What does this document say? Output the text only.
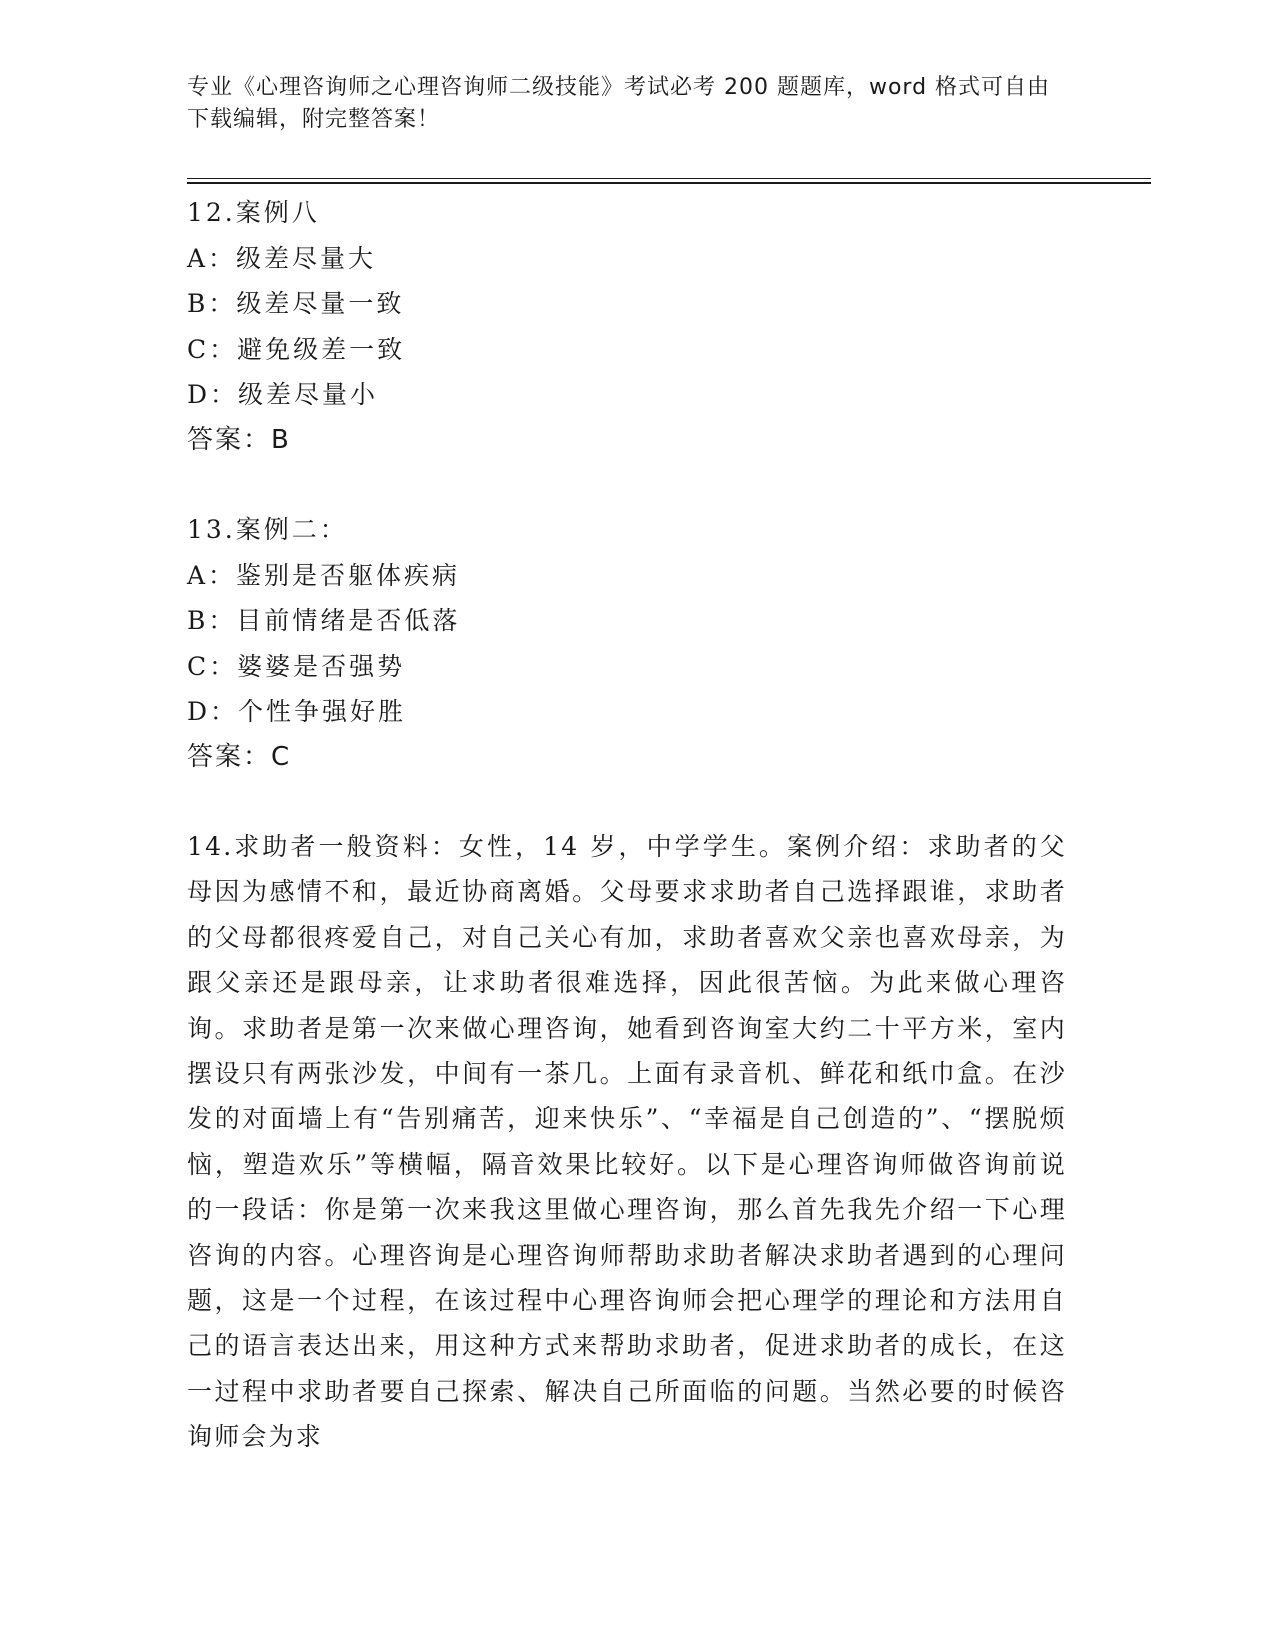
专业《心理咨询师之心理咨询师二级技能》考试必考 200 题题库，word 格式可自由下载编辑，附完整答案！

12.案例八
A：级差尽量大
B：级差尽量一致
C：避免级差一致
D：级差尽量小
答案：B
13.案例二：
A：鉴别是否躯体疾病
B：目前情绪是否低落
C：婆婆是否强势
D：个性争强好胜
答案：C
14.求助者一般资料：女性，14 岁，中学学生。案例介绍：求助者的父母因为感情不和，最近协商离婚。父母要求求助者自己选择跟谁，求助者的父母都很疼爱自己，对自己关心有加，求助者喜欢父亲也喜欢母亲，为跟父亲还是跟母亲，让求助者很难选择，因此很苦恼。为此来做心理咨询。求助者是第一次来做心理咨询，她看到咨询室大约二十平方米，室内摆设只有两张沙发，中间有一茶几。上面有录音机、鲜花和纸巾盒。在沙发的对面墙上有“告别痛苦，迎来快乐”、“幸福是自己创造的”、“摆脱烦恼，塑造欢乐”等横幅，隔音效果比较好。以下是心理咨询师做咨询前说的一段话：你是第一次来我这里做心理咨询，那么首先我先介绍一下心理咨询的内容。心理咨询是心理咨询师帮助求助者解决求助者遇到的心理问题，这是一个过程，在该过程中心理咨询师会把心理学的理论和方法用自己的语言表达出来，用这种方式来帮助求助者，促进求助者的成长，在这一过程中求助者要自己探索、解决自己所面临的问题。当然必要的时候咨询师会为求
